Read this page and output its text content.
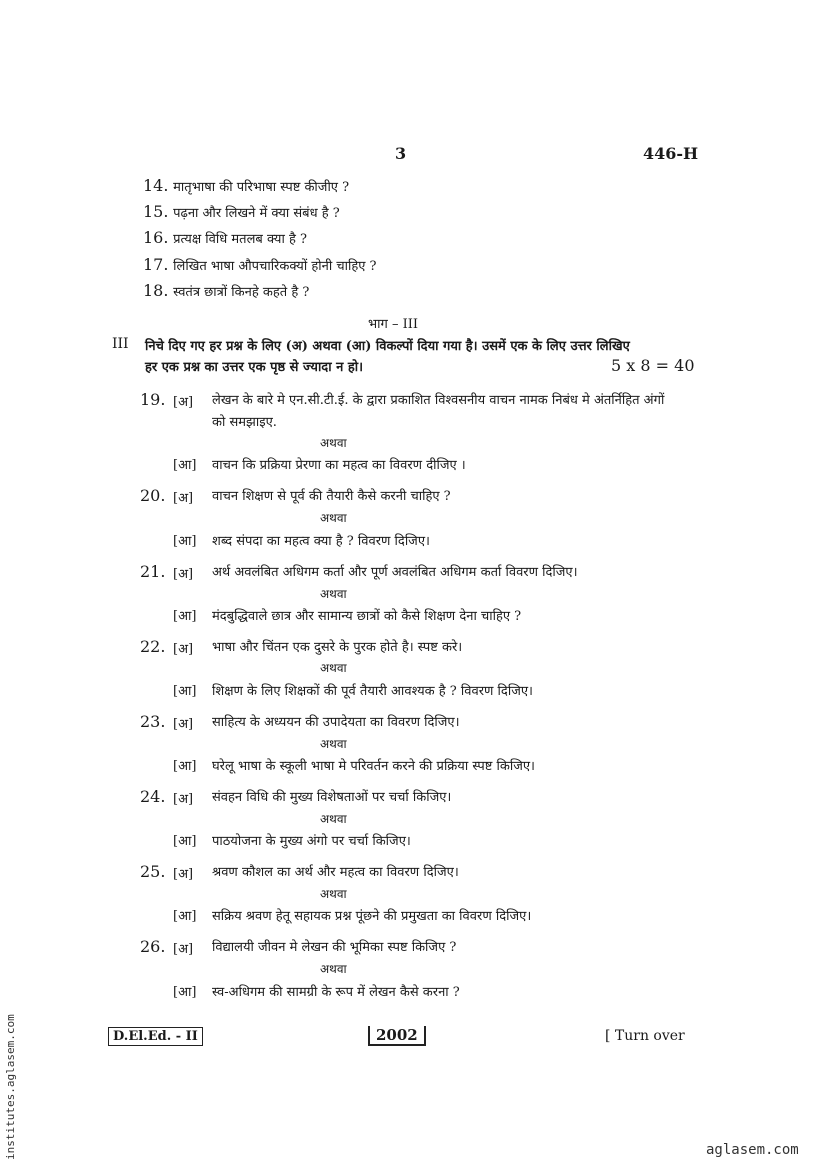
3	446-H
14. मातृभाषा की परिभाषा स्पष्ट कीजीए ?
15. पढ़ना और लिखने में क्या संबंध है ?
16. प्रत्यक्ष विधि मतलब क्या है ?
17. लिखित भाषा औपचारिकक्यों होनी चाहिए ?
18. स्वतंत्र छात्रों किनहे कहते है ?
भाग – III
III निचे दिए गए हर प्रश्न के लिए (अ) अथवा (आ) विकल्पों दिया गया है। उसमें एक के लिए उत्तर लिखिए
हर एक प्रश्न का उत्तर एक पृष्ठ से ज्यादा न हो।	5 x 8 = 40
19. [अ] लेखन के बारे मे एन.सी.टी.ई. के द्वारा प्रकाशित विश्वसनीय वाचन नामक निबंध मे अंतर्निहित अंगों
को समझाइए.
अथवा
[आ] वाचन कि प्रक्रिया प्रेरणा का महत्व का विवरण दीजिए ।
20. [अ] वाचन शिक्षण से पूर्व की तैयारी कैसे करनी चाहिए ?
अथवा
[आ] शब्द संपदा का महत्व क्या है ? विवरण दिजिए।
21. [अ] अर्थ अवलंबित अधिगम कर्ता और पूर्ण अवलंबित अधिगम कर्ता विवरण दिजिए।
अथवा
[आ] मंदबुद्धिवाले छात्र और सामान्य छात्रों को कैसे शिक्षण देना चाहिए ?
22. [अ] भाषा और चिंतन एक दुसरे के पुरक होते है। स्पष्ट करे।
अथवा
[आ] शिक्षण के लिए शिक्षकों की पूर्व तैयारी आवश्यक है ? विवरण दिजिए।
23. [अ] साहित्य के अध्ययन की उपादेयता का विवरण दिजिए।
अथवा
[आ] घरेलू भाषा के स्कूली भाषा मे परिवर्तन करने की प्रक्रिया स्पष्ट किजिए।
24. [अ] संवहन विधि की मुख्य विशेषताओं पर चर्चा किजिए।
अथवा
[आ] पाठयोजना के मुख्य अंगो पर चर्चा किजिए।
25. [अ] श्रवण कौशल का अर्थ और महत्व का विवरण दिजिए।
अथवा
[आ] सक्रिय श्रवण हेतू सहायक प्रश्न पूंछने की प्रमुखता का विवरण दिजिए।
26. [अ] विद्यालयी जीवन मे लेखन की भूमिका स्पष्ट किजिए ?
अथवा
[आ] स्व-अधिगम की सामग्री के रूप में लेखन कैसे करना ?
D.El.Ed. - II	2002	[ Turn over
institutes.aglasem.com	aglasem.com
